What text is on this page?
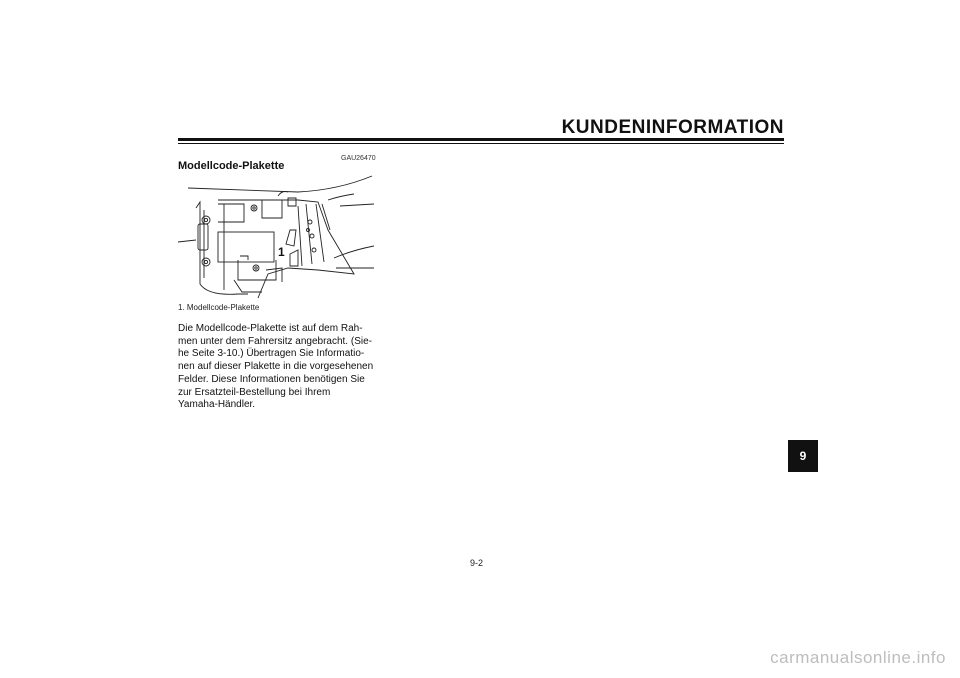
KUNDENINFORMATION
GAU26470
Modellcode-Plakette
1
1. Modellcode-Plakette
Die Modellcode-Plakette ist auf dem Rah-
men unter dem Fahrersitz angebracht. (Sie-
he Seite 3-10.) Übertragen Sie Informatio-
nen auf dieser Plakette in die vorgesehenen
Felder. Diese Informationen benötigen Sie
zur Ersatzteil-Bestellung bei Ihrem
Yamaha-Händler.
9
9-2
carmanualsonline.info
